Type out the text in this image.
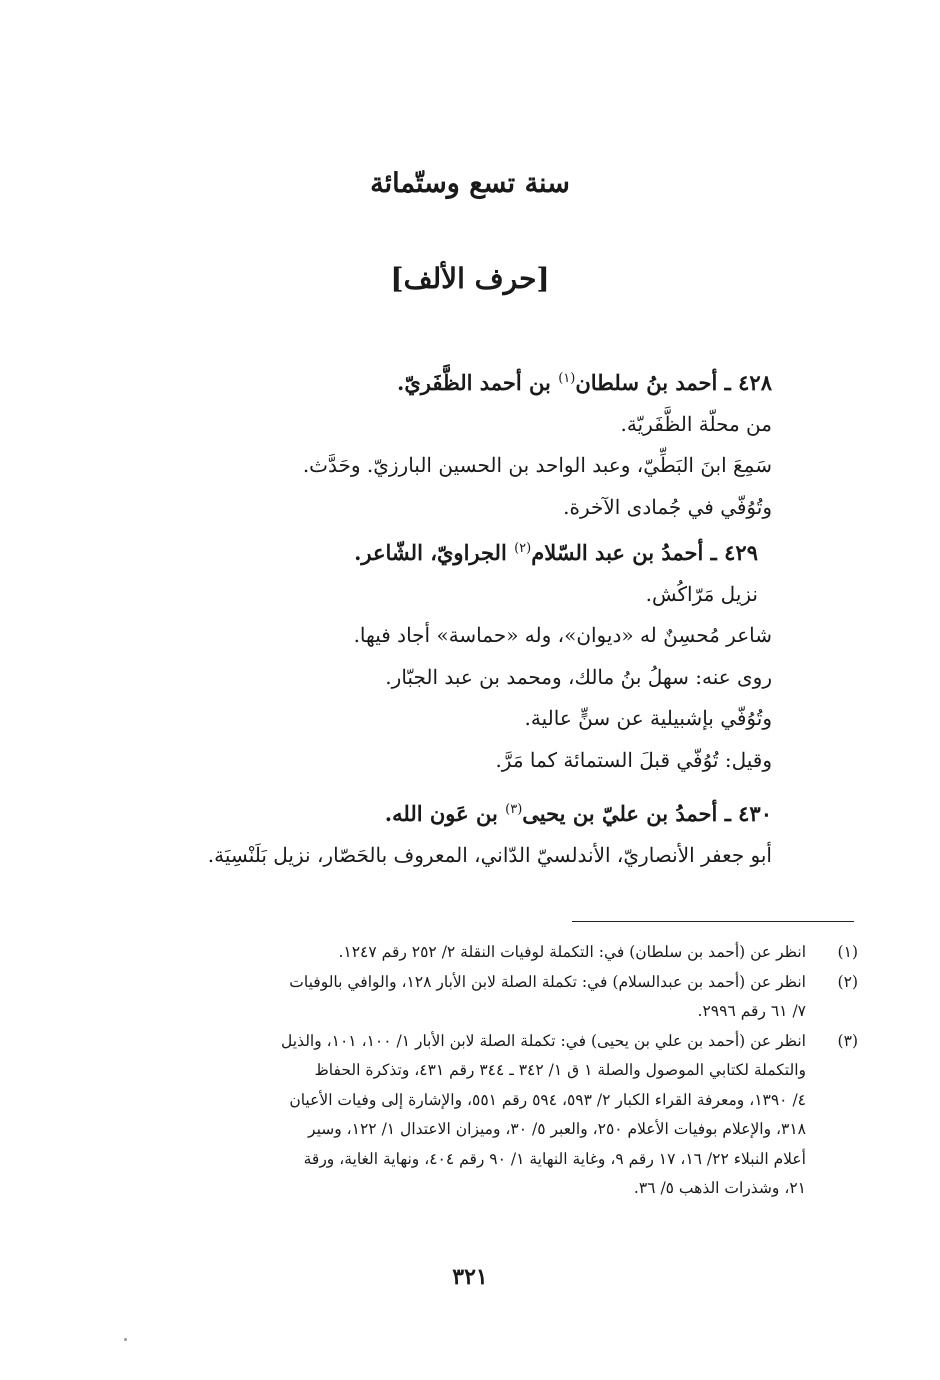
سنة تسع وستّمائة
[حرف الألف]
٤٢٨ ـ أحمد بنُ سلطان$^{(١)}$ بن أحمد الظَّفَريّ.
من محلّة الظَّفَريّة.
سَمِعَ ابنَ البَطِّيّ، وعبد الواحد بن الحسين البارزيّ. وحَدَّث.
وتُوُفّي في جُمادى الآخرة.
٤٢٩ ـ أحمدُ بن عبد السّلام$^{(٢)}$ الجراويّ، الشّاعر.
نزيل مَرّاكُش.
شاعر مُحسِنٌ له «ديوان»، وله «حماسة» أجاد فيها.
روى عنه: سهلُ بنُ مالك، ومحمد بن عبد الجبّار.
وتُوُفّي بإشبيلية عن سنٍّ عالية.
وقيل: تُوُفّي قبلَ الستمائة كما مَرَّ.
٤٣٠ ـ أحمدُ بن عليّ بن يحيى$^{(٣)}$ بن عَون الله.
أبو جعفر الأنصاريّ، الأندلسيّ الدّاني، المعروف بالحَصّار، نزيل بَلَنْسِيَة.
(١)
انظر عن (أحمد بن سلطان) في: التكملة لوفيات النقلة ٢/ ٢٥٢ رقم ١٢٤٧.
(٢)
انظر عن (أحمد بن عبدالسلام) في: تكملة الصلة لابن الأبار ١٢٨، والوافي بالوفيات
٧/ ٦١ رقم ٢٩٩٦.
(٣)
انظر عن (أحمد بن علي بن يحيى) في: تكملة الصلة لابن الأبار ١/ ١٠٠، ١٠١، والذيل
والتكملة لكتابي الموصول والصلة ١ ق ١/ ٣٤٢ ـ ٣٤٤ رقم ٤٣١، وتذكرة الحفاظ
٤/ ١٣٩٠، ومعرفة القراء الكبار ٢/ ٥٩٣، ٥٩٤ رقم ٥٥١، والإشارة إلى وفيات الأعيان
٣١٨، والإعلام بوفيات الأعلام ٢٥٠، والعبر ٥/ ٣٠، وميزان الاعتدال ١/ ١٢٢، وسير
أعلام النبلاء ٢٢/ ١٦، ١٧ رقم ٩، وغاية النهاية ١/ ٩٠ رقم ٤٠٤، ونهاية الغاية، ورقة
٢١، وشذرات الذهب ٥/ ٣٦.
٣٢١
